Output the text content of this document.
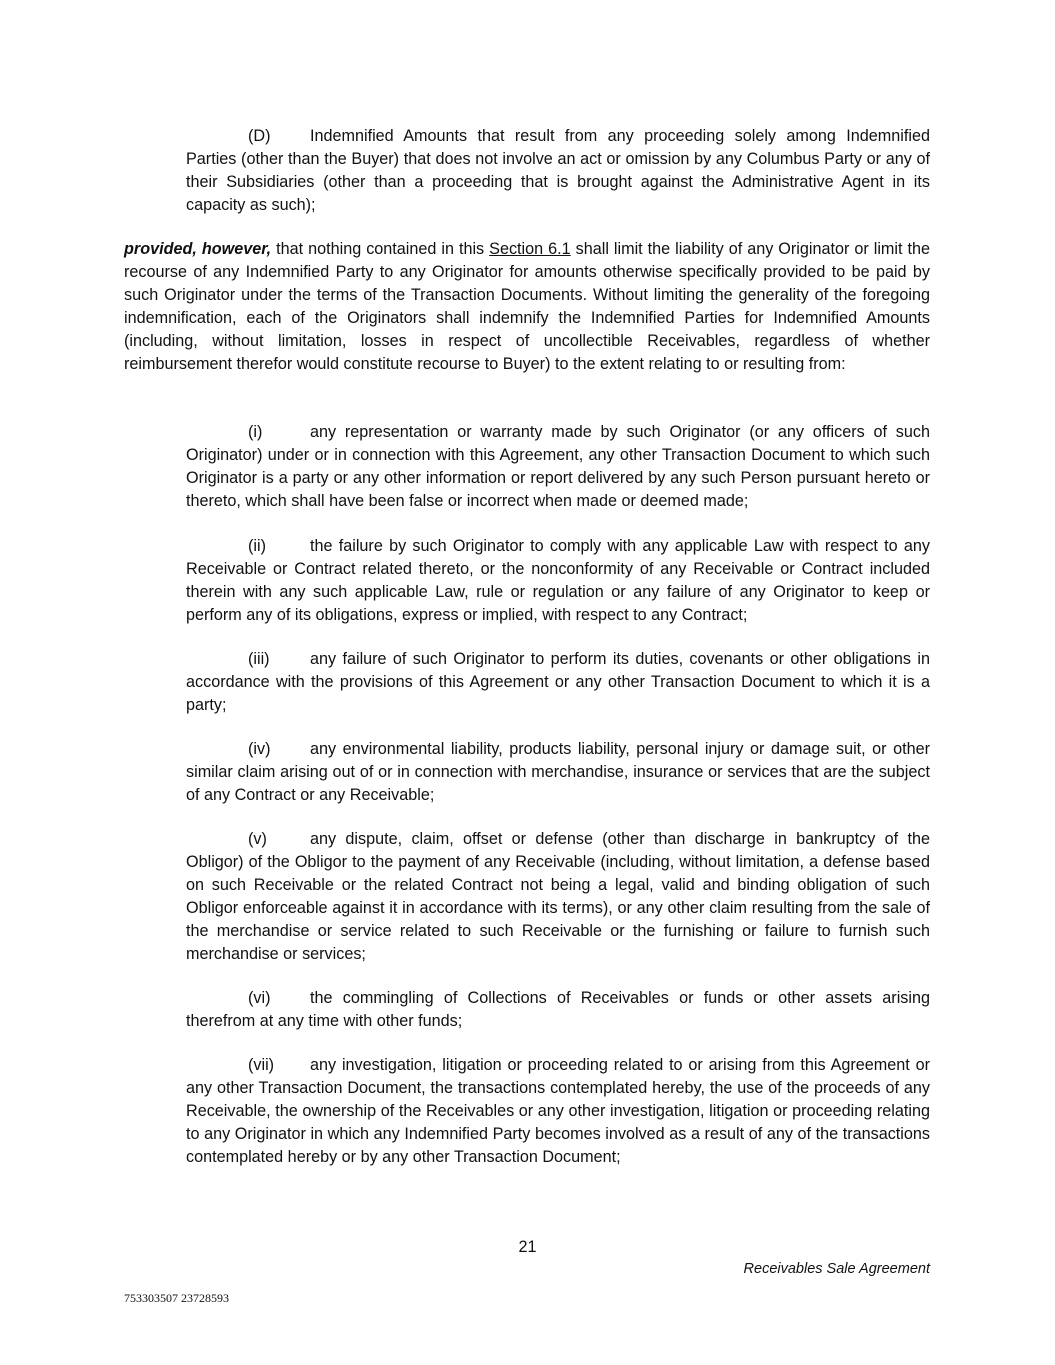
(D) Indemnified Amounts that result from any proceeding solely among Indemnified Parties (other than the Buyer) that does not involve an act or omission by any Columbus Party or any of their Subsidiaries (other than a proceeding that is brought against the Administrative Agent in its capacity as such);
provided, however, that nothing contained in this Section 6.1 shall limit the liability of any Originator or limit the recourse of any Indemnified Party to any Originator for amounts otherwise specifically provided to be paid by such Originator under the terms of the Transaction Documents. Without limiting the generality of the foregoing indemnification, each of the Originators shall indemnify the Indemnified Parties for Indemnified Amounts (including, without limitation, losses in respect of uncollectible Receivables, regardless of whether reimbursement therefor would constitute recourse to Buyer) to the extent relating to or resulting from:
(i)	any representation or warranty made by such Originator (or any officers of such Originator) under or in connection with this Agreement, any other Transaction Document to which such Originator is a party or any other information or report delivered by any such Person pursuant hereto or thereto, which shall have been false or incorrect when made or deemed made;
(ii)	the failure by such Originator to comply with any applicable Law with respect to any Receivable or Contract related thereto, or the nonconformity of any Receivable or Contract included therein with any such applicable Law, rule or regulation or any failure of any Originator to keep or perform any of its obligations, express or implied, with respect to any Contract;
(iii) any failure of such Originator to perform its duties, covenants or other obligations in accordance with the provisions of this Agreement or any other Transaction Document to which it is a party;
(iv) any environmental liability, products liability, personal injury or damage suit, or other similar claim arising out of or in connection with merchandise, insurance or services that are the subject of any Contract or any Receivable;
(v)	any dispute, claim, offset or defense (other than discharge in bankruptcy of the Obligor) of the Obligor to the payment of any Receivable (including, without limitation, a defense based on such Receivable or the related Contract not being a legal, valid and binding obligation of such Obligor enforceable against it in accordance with its terms), or any other claim resulting from the sale of the merchandise or service related to such Receivable or the furnishing or failure to furnish such merchandise or services;
(vi) the commingling of Collections of Receivables or funds or other assets arising therefrom at any time with other funds;
(vii) any investigation, litigation or proceeding related to or arising from this Agreement or any other Transaction Document, the transactions contemplated hereby, the use of the proceeds of any Receivable, the ownership of the Receivables or any other investigation, litigation or proceeding relating to any Originator in which any Indemnified Party becomes involved as a result of any of the transactions contemplated hereby or by any other Transaction Document;
21
Receivables Sale Agreement
753303507 23728593
